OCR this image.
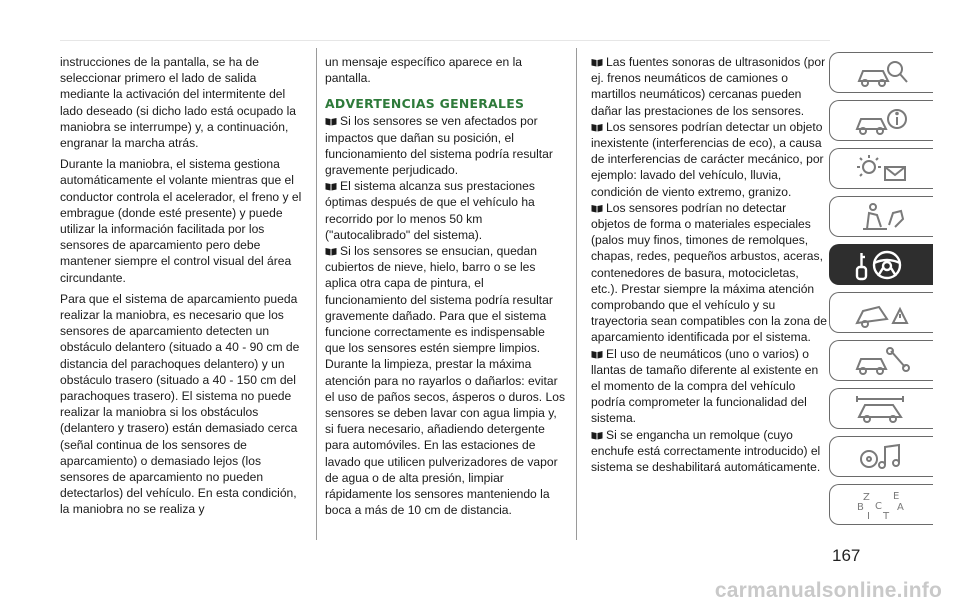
instrucciones de la pantalla, se ha de seleccionar primero el lado de salida mediante la activación del intermitente del lado deseado (si dicho lado está ocupado la maniobra se interrumpe) y, a continuación, engranar la marcha atrás.

Durante la maniobra, el sistema gestiona automáticamente el volante mientras que el conductor controla el acelerador, el freno y el embrague (donde esté presente) y puede utilizar la información facilitada por los sensores de aparcamiento pero debe mantener siempre el control visual del área circundante.

Para que el sistema de aparcamiento pueda realizar la maniobra, es necesario que los sensores de aparcamiento detecten un obstáculo delantero (situado a 40 - 90 cm de distancia del parachoques delantero) y un obstáculo trasero (situado a 40 - 150 cm del parachoques trasero). El sistema no puede realizar la maniobra si los obstáculos (delantero y trasero) están demasiado cerca (señal continua de los sensores de aparcamiento) o demasiado lejos (los sensores de aparcamiento no pueden detectarlos) del vehículo. En esta condición, la maniobra no se realiza y

un mensaje específico aparece en la pantalla.

ADVERTENCIAS GENERALES

Si los sensores se ven afectados por impactos que dañan su posición, el funcionamiento del sistema podría resultar gravemente perjudicado.

El sistema alcanza sus prestaciones óptimas después de que el vehículo ha recorrido por lo menos 50 km ("autocalibrado" del sistema).

Si los sensores se ensucian, quedan cubiertos de nieve, hielo, barro o se les aplica otra capa de pintura, el funcionamiento del sistema podría resultar gravemente dañado. Para que el sistema funcione correctamente es indispensable que los sensores estén siempre limpios. Durante la limpieza, prestar la máxima atención para no rayarlos o dañarlos: evitar el uso de paños secos, ásperos o duros. Los sensores se deben lavar con agua limpia y, si fuera necesario, añadiendo detergente para automóviles. En las estaciones de lavado que utilicen pulverizadores de vapor de agua o de alta presión, limpiar rápidamente los sensores manteniendo la boca a más de 10 cm de distancia.

Las fuentes sonoras de ultrasonidos (por ej. frenos neumáticos de camiones o martillos neumáticos) cercanas pueden dañar las prestaciones de los sensores.

Los sensores podrían detectar un objeto inexistente (interferencias de eco), a causa de interferencias de carácter mecánico, por ejemplo: lavado del vehículo, lluvia, condición de viento extremo, granizo.

Los sensores podrían no detectar objetos de forma o materiales especiales (palos muy finos, timones de remolques, chapas, redes, pequeños arbustos, aceras, contenedores de basura, motocicletas, etc.). Prestar siempre la máxima atención comprobando que el vehículo y su trayectoria sean compatibles con la zona de aparcamiento identificada por el sistema.

El uso de neumáticos (uno o varios) o llantas de tamaño diferente al existente en el momento de la compra del vehículo podría comprometer la funcionalidad del sistema.

Si se engancha un remolque (cuyo enchufe está correctamente introducido) el sistema se deshabilitará automáticamente.

Z E
B C A
I T
167
carmanualsonline.info
